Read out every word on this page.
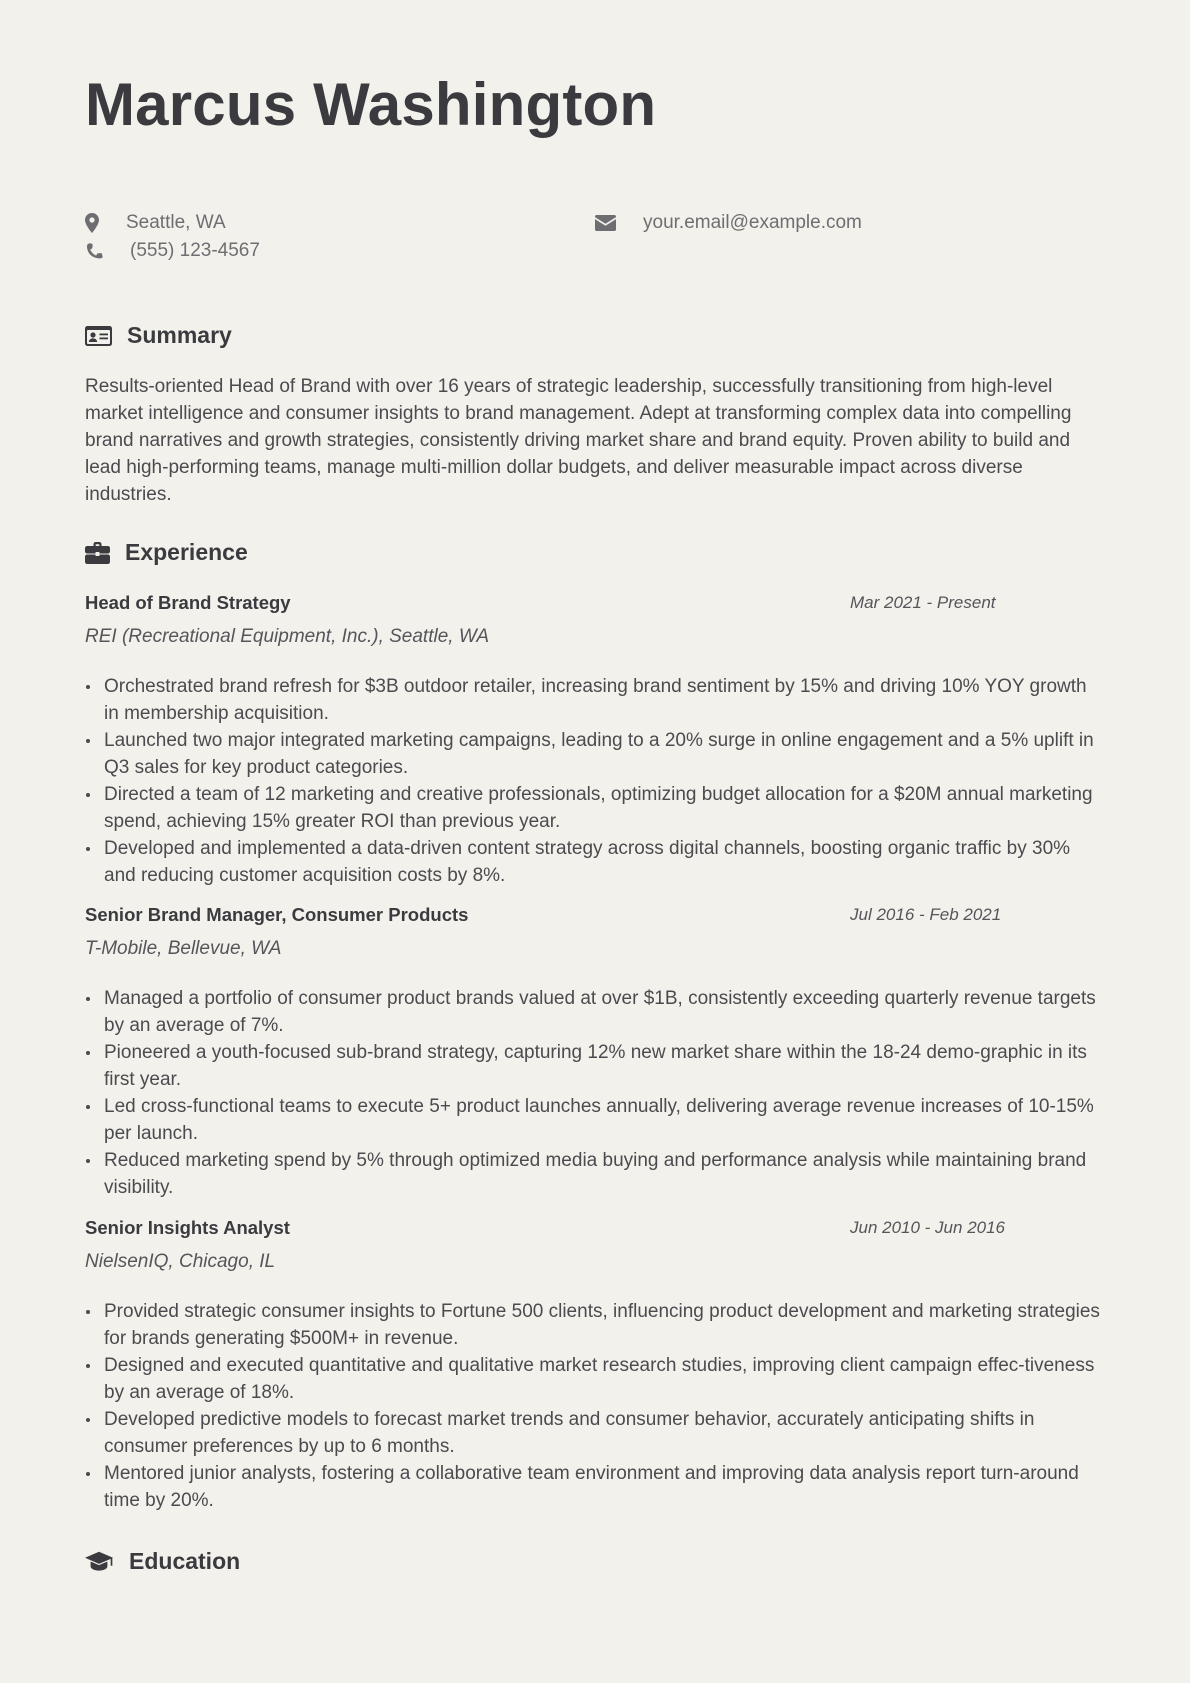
Marcus Washington
Seattle, WA
(555) 123-4567
your.email@example.com
Summary

Results-oriented Head of Brand with over 16 years of strategic leadership, successfully transitioning from high-level market intelligence and consumer insights to brand management. Adept at transforming complex data into compelling brand narratives and growth strategies, consistently driving market share and brand equity. Proven ability to build and lead high-performing teams, manage multi-million dollar budgets, and deliver measurable impact across diverse industries.

Experience
Head of Brand Strategy	Mar 2021 - Present
REI (Recreational Equipment, Inc.), Seattle, WA
Orchestrated brand refresh for $3B outdoor retailer, increasing brand sentiment by 15% and driving 10% YOY growth in membership acquisition.
Launched two major integrated marketing campaigns, leading to a 20% surge in online engagement and a 5% uplift in Q3 sales for key product categories.
Directed a team of 12 marketing and creative professionals, optimizing budget allocation for a $20M annual marketing spend, achieving 15% greater ROI than previous year.
Developed and implemented a data-driven content strategy across digital channels, boosting organic traffic by 30% and reducing customer acquisition costs by 8%.
Senior Brand Manager, Consumer Products	Jul 2016 - Feb 2021
T-Mobile, Bellevue, WA
Managed a portfolio of consumer product brands valued at over $1B, consistently exceeding quarterly revenue targets by an average of 7%.
Pioneered a youth-focused sub-brand strategy, capturing 12% new market share within the 18-24 demo-graphic in its first year.
Led cross-functional teams to execute 5+ product launches annually, delivering average revenue increases of 10-15% per launch.
Reduced marketing spend by 5% through optimized media buying and performance analysis while maintaining brand visibility.
Senior Insights Analyst	Jun 2010 - Jun 2016
NielsenIQ, Chicago, IL
Provided strategic consumer insights to Fortune 500 clients, influencing product development and marketing strategies for brands generating $500M+ in revenue.
Designed and executed quantitative and qualitative market research studies, improving client campaign effec-tiveness by an average of 18%.
Developed predictive models to forecast market trends and consumer behavior, accurately anticipating shifts in consumer preferences by up to 6 months.
Mentored junior analysts, fostering a collaborative team environment and improving data analysis report turn-around time by 20%.
Education
